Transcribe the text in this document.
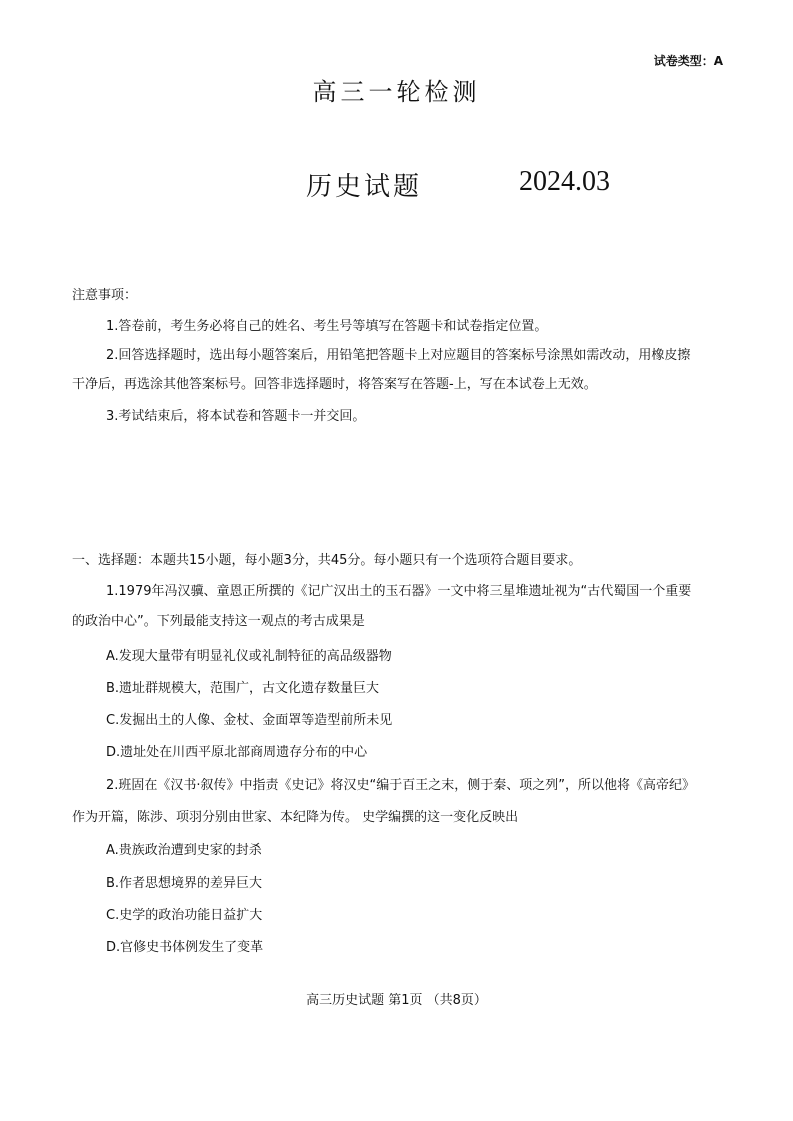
试卷类型：A
高三一轮检测
历史试题	2024.03
注意事项：
1.答卷前，考生务必将自己的姓名、考生号等填写在答题卡和试卷指定位置。
2.回答选择题时，选出每小题答案后，用铅笔把答题卡上对应题目的答案标号涂黑如需改动，用橡皮擦
干净后，再选涂其他答案标号。回答非选择题时，将答案写在答题-上，写在本试卷上无效。
3.考试结束后，将本试卷和答题卡一并交回。
一、选择题：本题共15小题，每小题3分，共45分。每小题只有一个选项符合题目要求。
1.1979年冯汉骥、童恩正所撰的《记广汉出土的玉石器》一文中将三星堆遗址视为“古代蜀国一个重要
的政治中心”。下列最能支持这一观点的考古成果是
A.发现大量带有明显礼仪或礼制特征的高品级器物
B.遗址群规模大，范围广，古文化遗存数量巨大
C.发掘出土的人像、金杖、金面罩等造型前所未见
D.遗址处在川西平原北部商周遗存分布的中心
2.班固在《汉书·叙传》中指责《史记》将汉史“编于百王之末，侧于秦、项之列”，所以他将《高帝纪》
作为开篇，陈涉、项羽分别由世家、本纪降为传。 史学编撰的这一变化反映出
A.贵族政治遭到史家的封杀
B.作者思想境界的差异巨大
C.史学的政治功能日益扩大
D.官修史书体例发生了变革
高三历史试题 第1页 （共8页）
